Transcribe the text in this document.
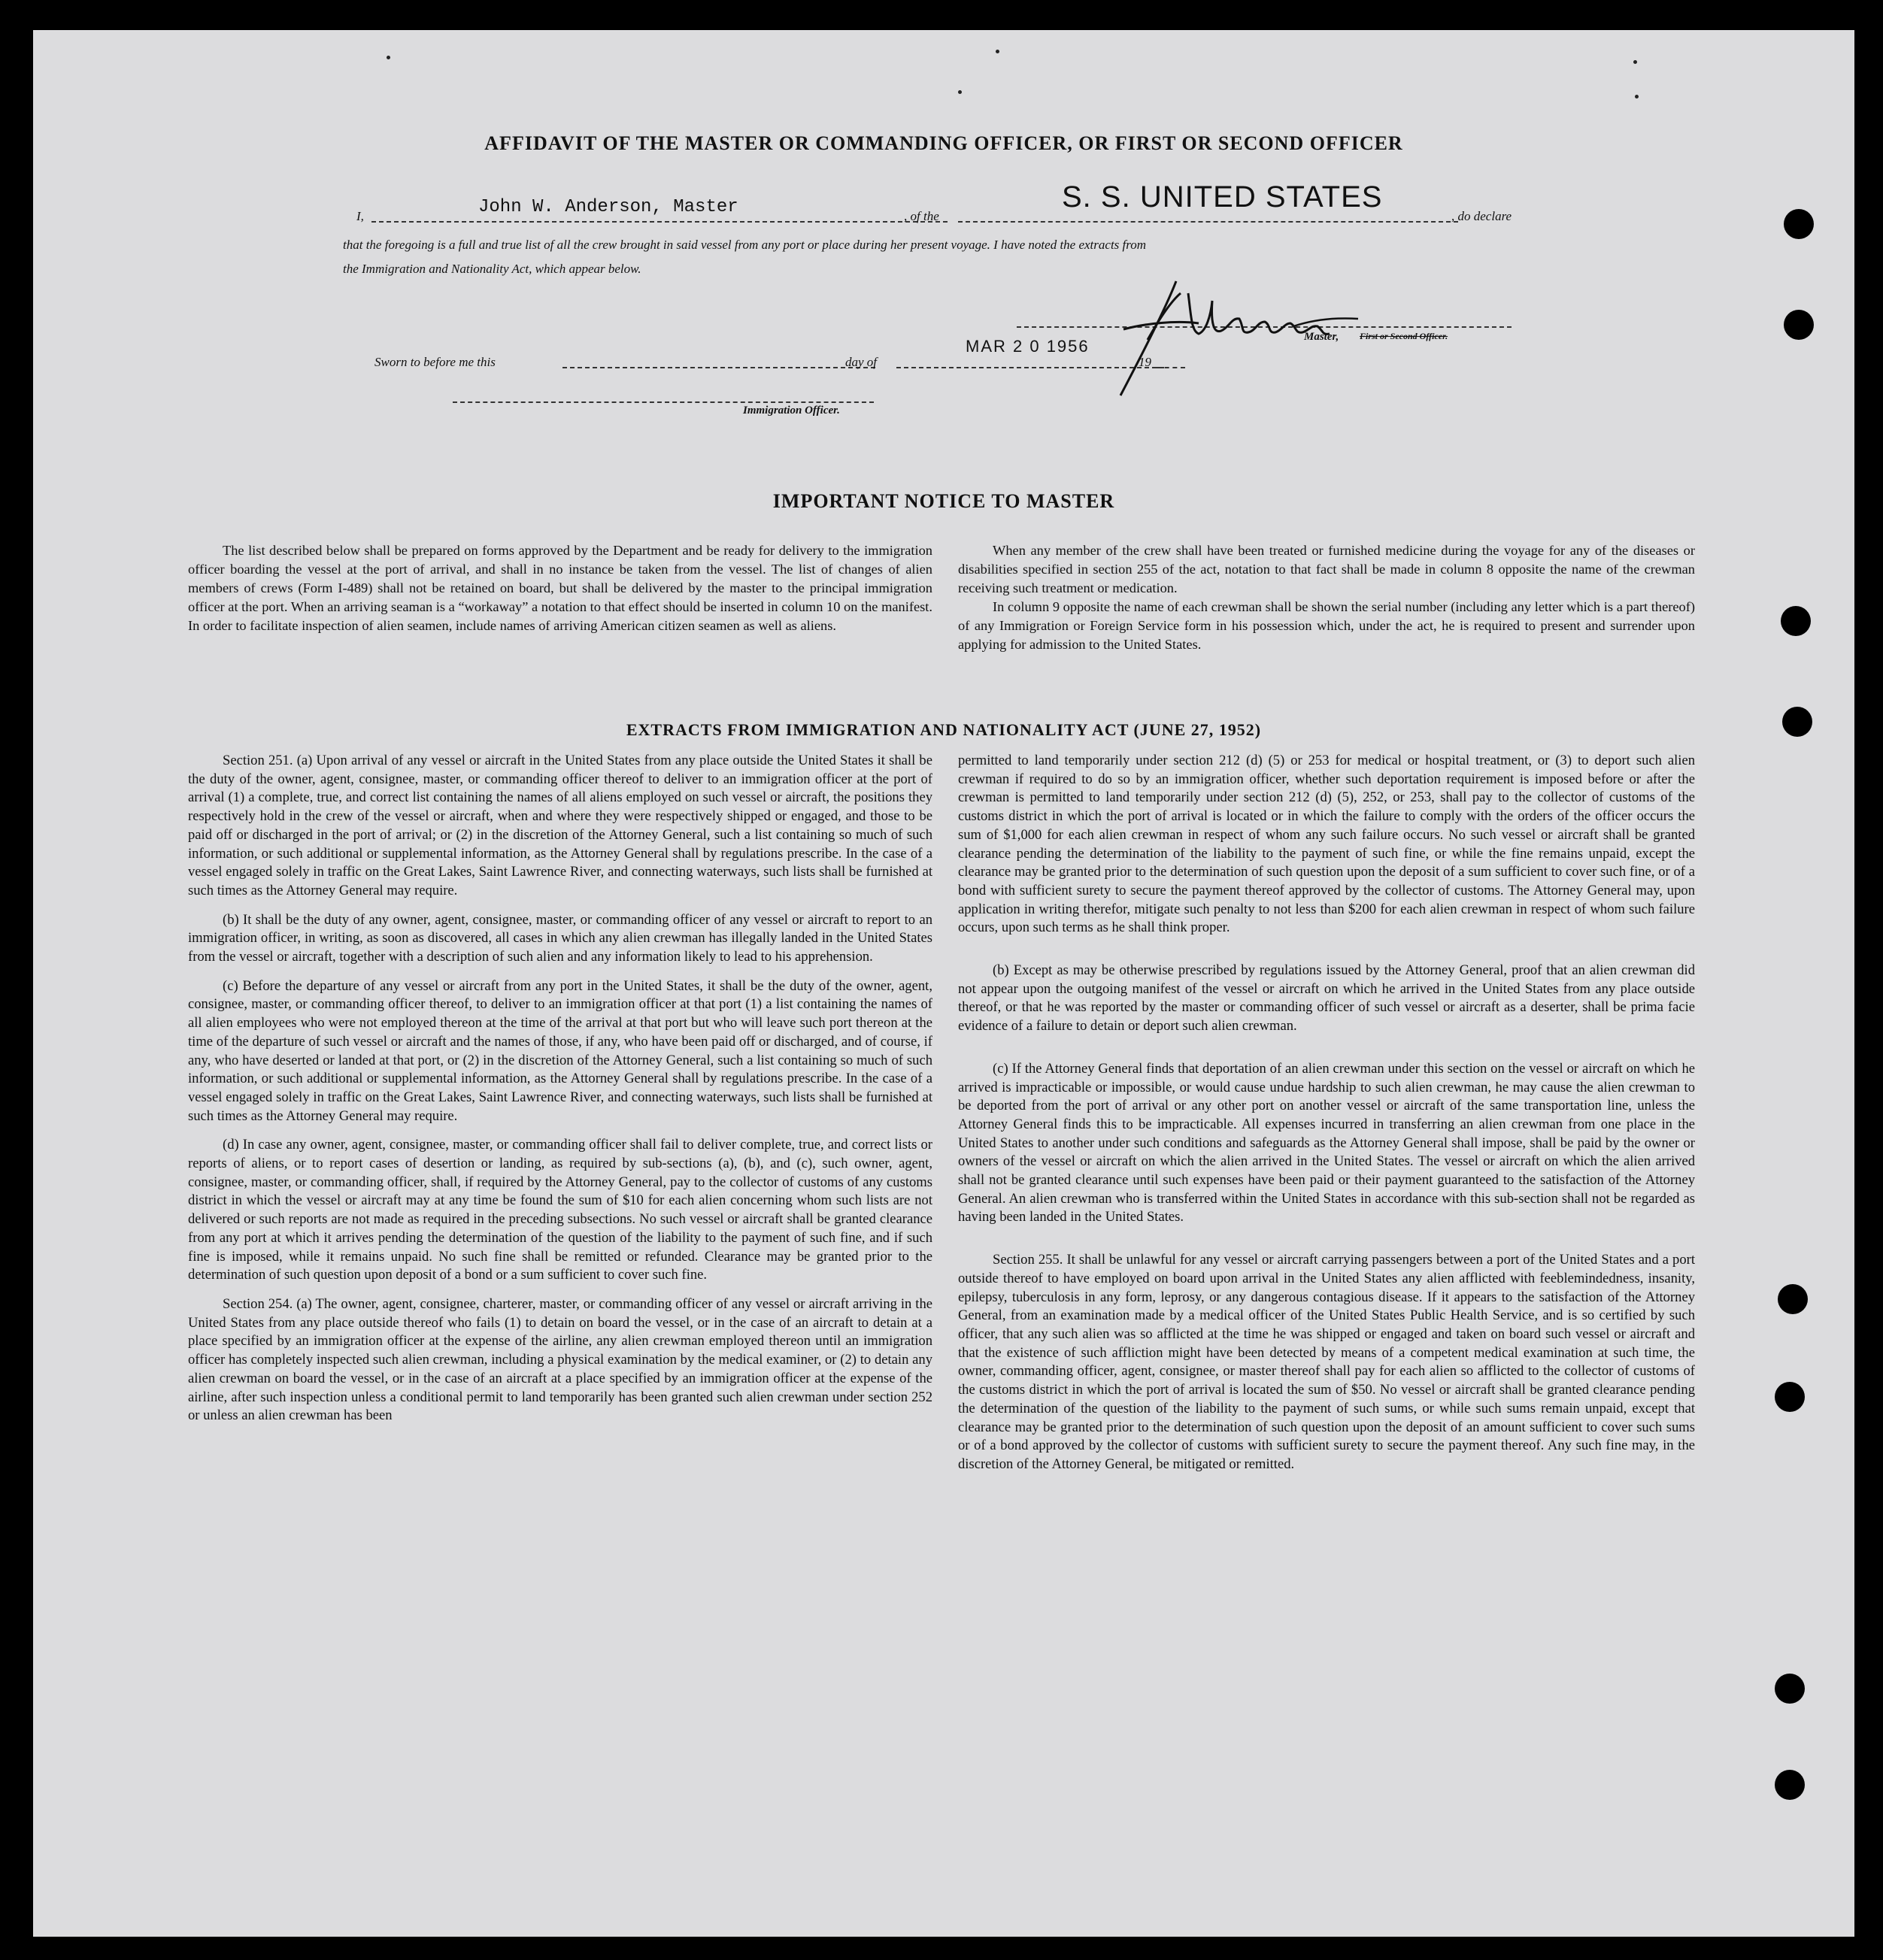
AFFIDAVIT OF THE MASTER OR COMMANDING OFFICER, OR FIRST OR SECOND OFFICER
I,	John W. Anderson, Master	, of the
S. S. UNITED STATES
, do declare
that the foregoing is a full and true list of all the crew brought in said vessel from any port or place during her present voyage. I have noted the extracts from
the Immigration and Nationality Act, which appear below.
Master, First or Second Officer.
Sworn to before me this	day of
MAR 2 0 1956
19
Immigration Officer.
IMPORTANT NOTICE TO MASTER

The list described below shall be prepared on forms approved by the Department and be ready for delivery to the immigration officer boarding the vessel at the port of arrival, and shall in no instance be taken from the vessel. The list of changes of alien members of crews (Form I-489) shall not be retained on board, but shall be delivered by the master to the principal immigration officer at the port. When an arriving seaman is a “workaway” a notation to that effect should be inserted in column 10 on the manifest. In order to facilitate inspection of alien seamen, include names of arriving American citizen seamen as well as aliens.

When any member of the crew shall have been treated or furnished medicine during the voyage for any of the diseases or disabilities specified in section 255 of the act, notation to that fact shall be made in column 8 opposite the name of the crewman receiving such treatment or medication.

In column 9 opposite the name of each crewman shall be shown the serial number (including any letter which is a part thereof) of any Immigration or Foreign Service form in his possession which, under the act, he is required to present and surrender upon applying for admission to the United States.

EXTRACTS FROM IMMIGRATION AND NATIONALITY ACT (JUNE 27, 1952)

Section 251. (a) Upon arrival of any vessel or aircraft in the United States from any place outside the United States it shall be the duty of the owner, agent, consignee, master, or commanding officer thereof to deliver to an immigration officer at the port of arrival (1) a complete, true, and correct list containing the names of all aliens employed on such vessel or aircraft, the positions they respectively hold in the crew of the vessel or aircraft, when and where they were respectively shipped or engaged, and those to be paid off or discharged in the port of arrival; or (2) in the discretion of the Attorney General, such a list containing so much of such information, or such additional or supplemental information, as the Attorney General shall by regulations prescribe. In the case of a vessel engaged solely in traffic on the Great Lakes, Saint Lawrence River, and connecting waterways, such lists shall be furnished at such times as the Attorney General may require.

(b) It shall be the duty of any owner, agent, consignee, master, or commanding officer of any vessel or aircraft to report to an immigration officer, in writing, as soon as discovered, all cases in which any alien crewman has illegally landed in the United States from the vessel or aircraft, together with a description of such alien and any information likely to lead to his apprehension.

(c) Before the departure of any vessel or aircraft from any port in the United States, it shall be the duty of the owner, agent, consignee, master, or commanding officer thereof, to deliver to an immigration officer at that port (1) a list containing the names of all alien employees who were not employed thereon at the time of the arrival at that port but who will leave such port thereon at the time of the departure of such vessel or aircraft and the names of those, if any, who have been paid off or discharged, and of course, if any, who have deserted or landed at that port, or (2) in the discretion of the Attorney General, such a list containing so much of such information, or such additional or supplemental information, as the Attorney General shall by regulations prescribe. In the case of a vessel engaged solely in traffic on the Great Lakes, Saint Lawrence River, and connecting waterways, such lists shall be furnished at such times as the Attorney General may require.

(d) In case any owner, agent, consignee, master, or commanding officer shall fail to deliver complete, true, and correct lists or reports of aliens, or to report cases of desertion or landing, as required by sub-sections (a), (b), and (c), such owner, agent, consignee, master, or commanding officer, shall, if required by the Attorney General, pay to the collector of customs of any customs district in which the vessel or aircraft may at any time be found the sum of $10 for each alien concerning whom such lists are not delivered or such reports are not made as required in the preceding subsections. No such vessel or aircraft shall be granted clearance from any port at which it arrives pending the determination of the question of the liability to the payment of such fine, and if such fine is imposed, while it remains unpaid. No such fine shall be remitted or refunded. Clearance may be granted prior to the determination of such question upon deposit of a bond or a sum sufficient to cover such fine.

Section 254. (a) The owner, agent, consignee, charterer, master, or commanding officer of any vessel or aircraft arriving in the United States from any place outside thereof who fails (1) to detain on board the vessel, or in the case of an aircraft to detain at a place specified by an immigration officer at the expense of the airline, any alien crewman employed thereon until an immigration officer has completely inspected such alien crewman, including a physical examination by the medical examiner, or (2) to detain any alien crewman on board the vessel, or in the case of an aircraft at a place specified by an immigration officer at the expense of the airline, after such inspection unless a conditional permit to land temporarily has been granted such alien crewman under section 252 or unless an alien crewman has been

permitted to land temporarily under section 212 (d) (5) or 253 for medical or hospital treatment, or (3) to deport such alien crewman if required to do so by an immigration officer, whether such deportation requirement is imposed before or after the crewman is permitted to land temporarily under section 212 (d) (5), 252, or 253, shall pay to the collector of customs of the customs district in which the port of arrival is located or in which the failure to comply with the orders of the officer occurs the sum of $1,000 for each alien crewman in respect of whom any such failure occurs. No such vessel or aircraft shall be granted clearance pending the determination of the liability to the payment of such fine, or while the fine remains unpaid, except the clearance may be granted prior to the determination of such question upon the deposit of a sum sufficient to cover such fine, or of a bond with sufficient surety to secure the payment thereof approved by the collector of customs. The Attorney General may, upon application in writing therefor, mitigate such penalty to not less than $200 for each alien crewman in respect of whom such failure occurs, upon such terms as he shall think proper.

(b) Except as may be otherwise prescribed by regulations issued by the Attorney General, proof that an alien crewman did not appear upon the outgoing manifest of the vessel or aircraft on which he arrived in the United States from any place outside thereof, or that he was reported by the master or commanding officer of such vessel or aircraft as a deserter, shall be prima facie evidence of a failure to detain or deport such alien crewman.

(c) If the Attorney General finds that deportation of an alien crewman under this section on the vessel or aircraft on which he arrived is impracticable or impossible, or would cause undue hardship to such alien crewman, he may cause the alien crewman to be deported from the port of arrival or any other port on another vessel or aircraft of the same transportation line, unless the Attorney General finds this to be impracticable. All expenses incurred in transferring an alien crewman from one place in the United States to another under such conditions and safeguards as the Attorney General shall impose, shall be paid by the owner or owners of the vessel or aircraft on which the alien arrived in the United States. The vessel or aircraft on which the alien arrived shall not be granted clearance until such expenses have been paid or their payment guaranteed to the satisfaction of the Attorney General. An alien crewman who is transferred within the United States in accordance with this sub-section shall not be regarded as having been landed in the United States.

Section 255. It shall be unlawful for any vessel or aircraft carrying passengers between a port of the United States and a port outside thereof to have employed on board upon arrival in the United States any alien afflicted with feeblemindedness, insanity, epilepsy, tuberculosis in any form, leprosy, or any dangerous contagious disease. If it appears to the satisfaction of the Attorney General, from an examination made by a medical officer of the United States Public Health Service, and is so certified by such officer, that any such alien was so afflicted at the time he was shipped or engaged and taken on board such vessel or aircraft and that the existence of such affliction might have been detected by means of a competent medical examination at such time, the owner, commanding officer, agent, consignee, or master thereof shall pay for each alien so afflicted to the collector of customs of the customs district in which the port of arrival is located the sum of $50. No vessel or aircraft shall be granted clearance pending the determination of the question of the liability to the payment of such sums, or while such sums remain unpaid, except that clearance may be granted prior to the determination of such question upon the deposit of an amount sufficient to cover such sums or of a bond approved by the collector of customs with sufficient surety to secure the payment thereof. Any such fine may, in the discretion of the Attorney General, be mitigated or remitted.
